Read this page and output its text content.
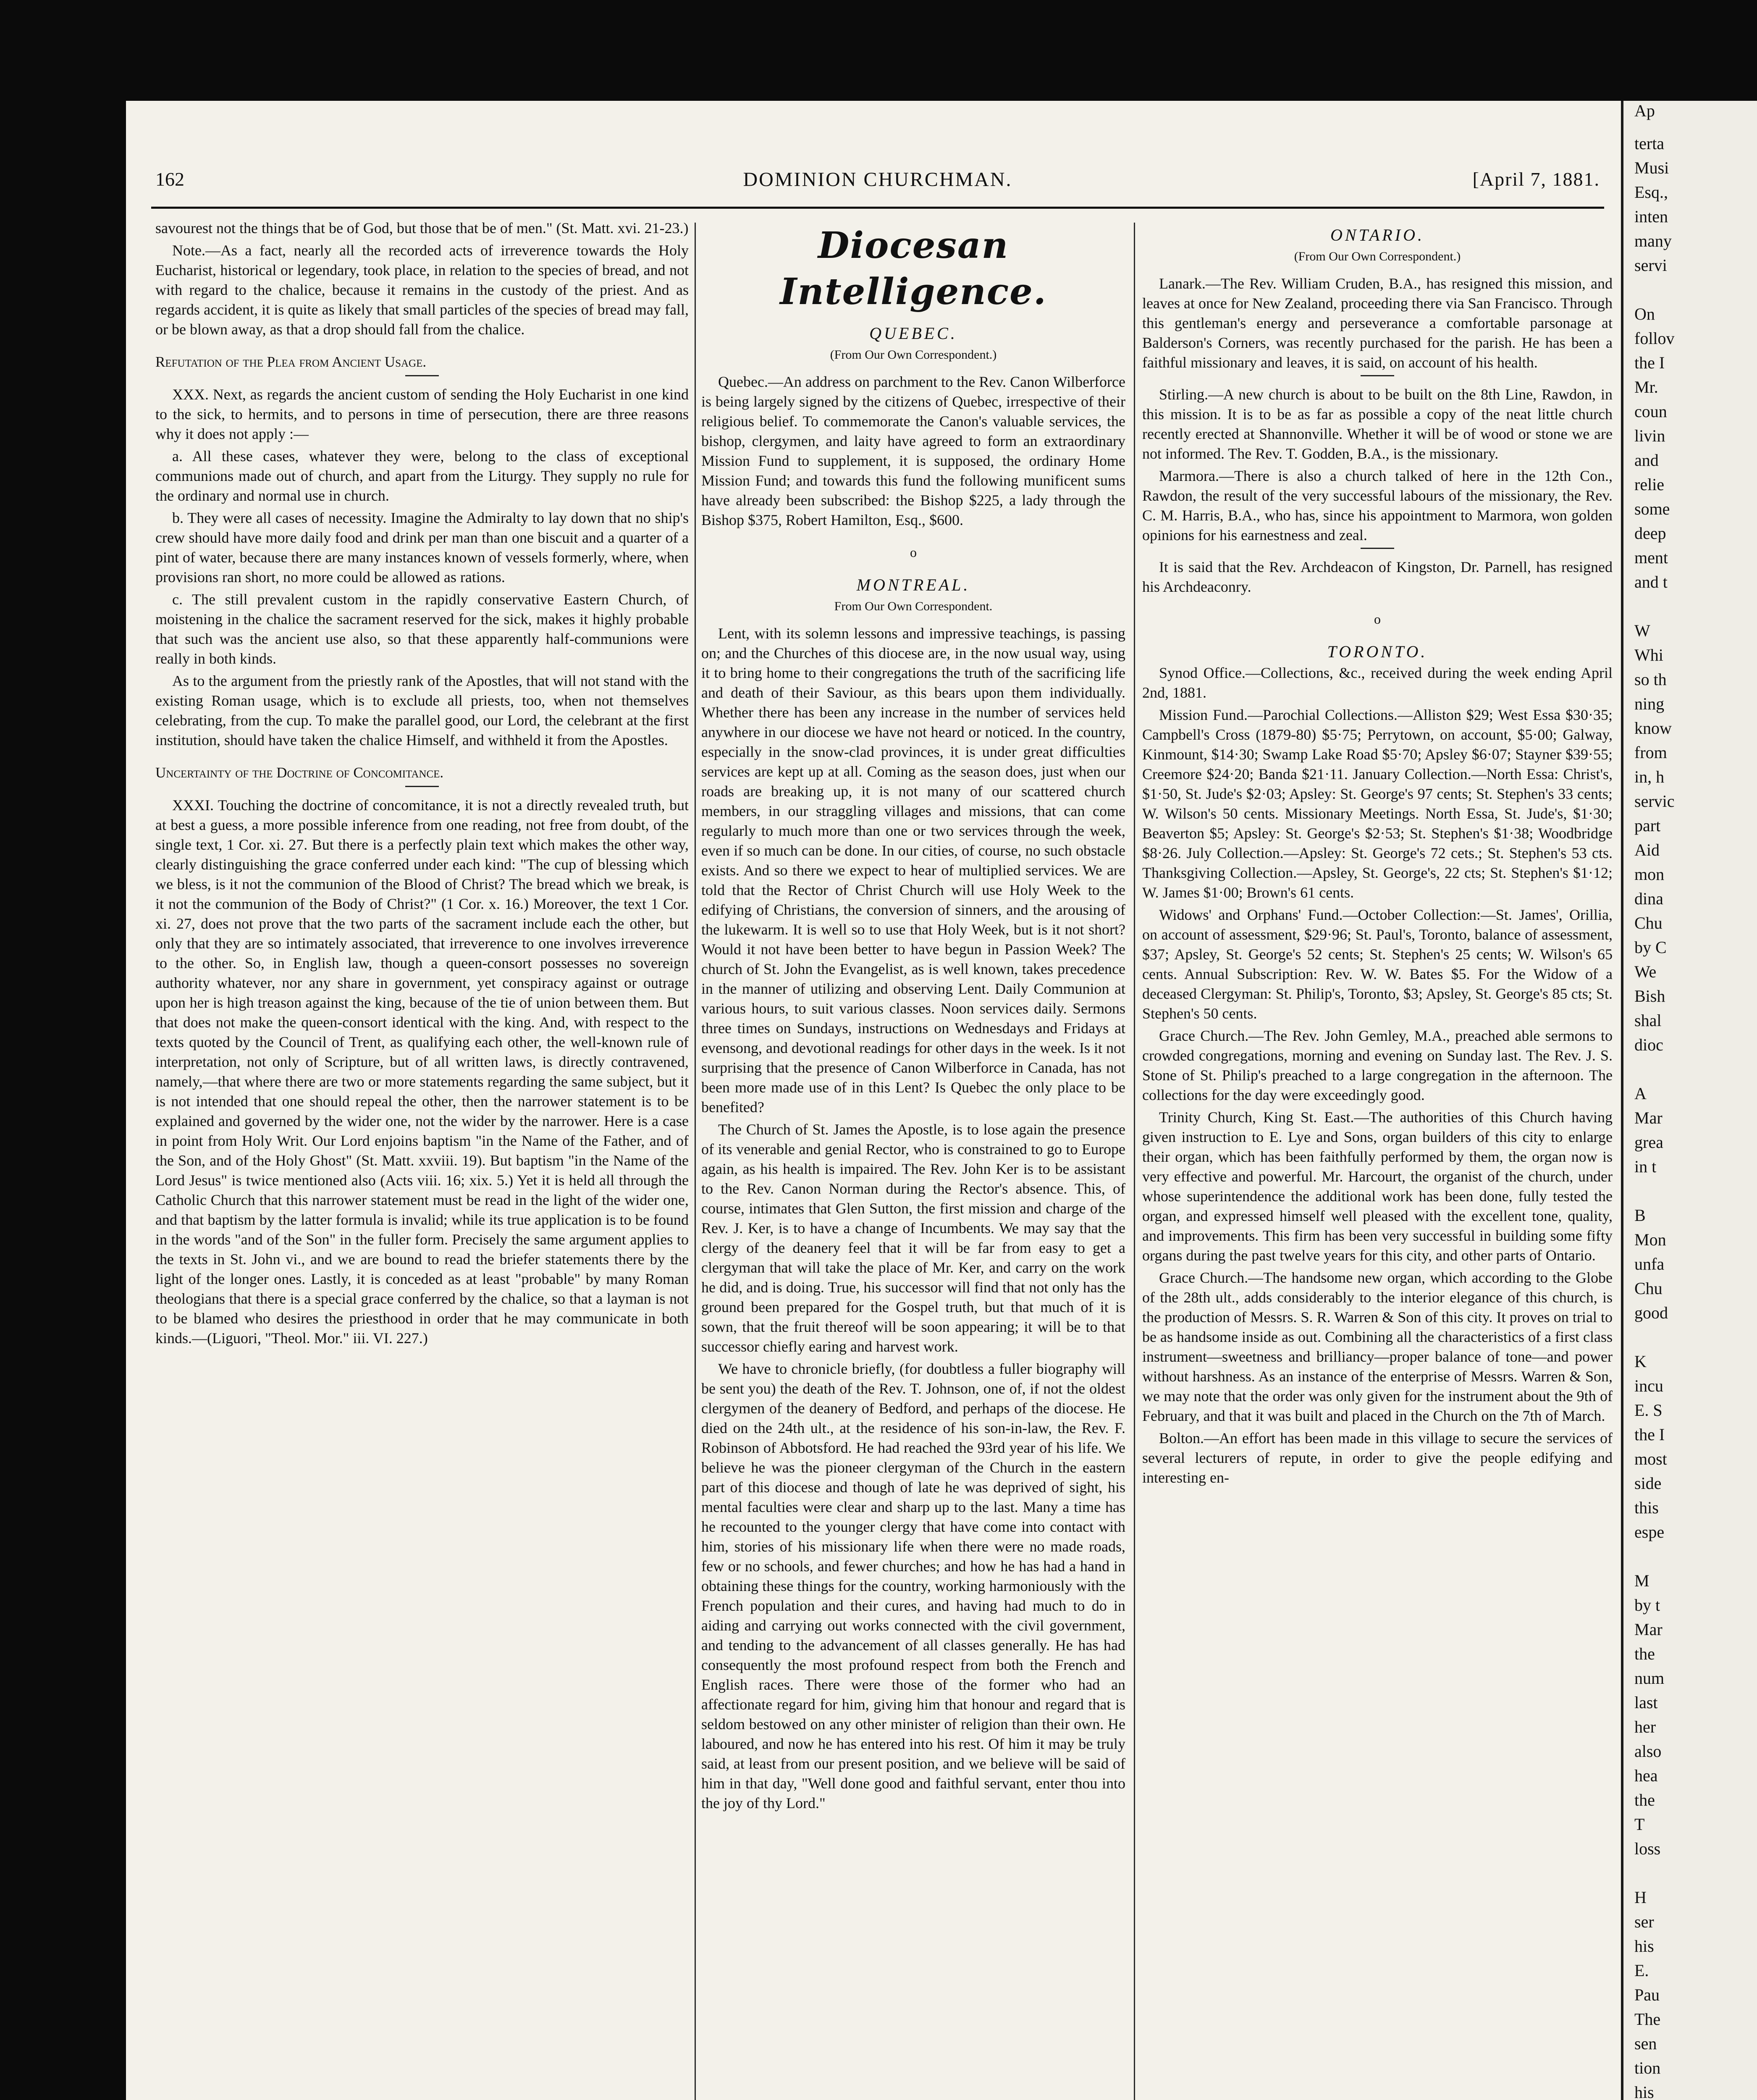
Ap
terta
Musi
Esq.,
inten
many
servi
On
follov
the I
Mr.
coun
livin
and
relie
some
deep
ment
and t
W
Whi
so th
ning
know
from
in, h
servic
part
Aid
mon
dina
Chu
by C
We
Bish
shal
dioc
A
Mar
grea
in t
B
Mon
unfa
Chu
good
K
incu
E. S
the I
most
side
this
espe
M
by t
Mar
the
num
last
her
also
hea
the
T
loss
H
ser
his
E.
Pau
The
sen
tion
his
162	DOMINION CHURCHMAN.	[April 7, 1881.

savourest not the things that be of God, but those that be of men." (St. Matt. xvi. 21-23.)

Note.—As a fact, nearly all the recorded acts of irreverence towards the Holy Eucharist, historical or legendary, took place, in relation to the species of bread, and not with regard to the chalice, because it remains in the custody of the priest. And as regards accident, it is quite as likely that small particles of the species of bread may fall, or be blown away, as that a drop should fall from the chalice.

Refutation of the Plea from Ancient Usage.

XXX. Next, as regards the ancient custom of sending the Holy Eucharist in one kind to the sick, to hermits, and to persons in time of persecution, there are three reasons why it does not apply :—

a. All these cases, whatever they were, belong to the class of exceptional communions made out of church, and apart from the Liturgy. They supply no rule for the ordinary and normal use in church.

b. They were all cases of necessity. Imagine the Admiralty to lay down that no ship's crew should have more daily food and drink per man than one biscuit and a quarter of a pint of water, because there are many instances known of vessels formerly, where, when provisions ran short, no more could be allowed as rations.

c. The still prevalent custom in the rapidly conservative Eastern Church, of moistening in the chalice the sacrament reserved for the sick, makes it highly probable that such was the ancient use also, so that these apparently half-communions were really in both kinds.

As to the argument from the priestly rank of the Apostles, that will not stand with the existing Roman usage, which is to exclude all priests, too, when not themselves celebrating, from the cup. To make the parallel good, our Lord, the celebrant at the first institution, should have taken the chalice Himself, and withheld it from the Apostles.

Uncertainty of the Doctrine of Concomitance.

XXXI. Touching the doctrine of concomitance, it is not a directly revealed truth, but at best a guess, a more possible inference from one reading, not free from doubt, of the single text, 1 Cor. xi. 27. But there is a perfectly plain text which makes the other way, clearly distinguishing the grace conferred under each kind: "The cup of blessing which we bless, is it not the communion of the Blood of Christ? The bread which we break, is it not the communion of the Body of Christ?" (1 Cor. x. 16.) Moreover, the text 1 Cor. xi. 27, does not prove that the two parts of the sacrament include each the other, but only that they are so intimately associated, that irreverence to one involves irreverence to the other. So, in English law, though a queen-consort possesses no sovereign authority whatever, nor any share in government, yet conspiracy against or outrage upon her is high treason against the king, because of the tie of union between them. But that does not make the queen-consort identical with the king. And, with respect to the texts quoted by the Council of Trent, as qualifying each other, the well-known rule of interpretation, not only of Scripture, but of all written laws, is directly contravened, namely,—that where there are two or more statements regarding the same subject, but it is not intended that one should repeal the other, then the narrower statement is to be explained and governed by the wider one, not the wider by the narrower. Here is a case in point from Holy Writ. Our Lord enjoins baptism "in the Name of the Father, and of the Son, and of the Holy Ghost" (St. Matt. xxviii. 19). But baptism "in the Name of the Lord Jesus" is twice mentioned also (Acts viii. 16; xix. 5.) Yet it is held all through the Catholic Church that this narrower statement must be read in the light of the wider one, and that baptism by the latter formula is invalid; while its true application is to be found in the words "and of the Son" in the fuller form. Precisely the same argument applies to the texts in St. John vi., and we are bound to read the briefer statements there by the light of the longer ones. Lastly, it is conceded as at least "probable" by many Roman theologians that there is a special grace conferred by the chalice, so that a layman is not to be blamed who desires the priesthood in order that he may communicate in both kinds.—(Liguori, "Theol. Mor." iii. VI. 227.)

Diocesan Intelligence.
QUEBEC.
(From Our Own Correspondent.)

Quebec.—An address on parchment to the Rev. Canon Wilberforce is being largely signed by the citizens of Quebec, irrespective of their religious belief. To commemorate the Canon's valuable services, the bishop, clergymen, and laity have agreed to form an extraordinary Mission Fund to supplement, it is supposed, the ordinary Home Mission Fund; and towards this fund the following munificent sums have already been subscribed: the Bishop $225, a lady through the Bishop $375, Robert Hamilton, Esq., $600.

o
MONTREAL.
From Our Own Correspondent.

Lent, with its solemn lessons and impressive teachings, is passing on; and the Churches of this diocese are, in the now usual way, using it to bring home to their congregations the truth of the sacrificing life and death of their Saviour, as this bears upon them individually. Whether there has been any increase in the number of services held anywhere in our diocese we have not heard or noticed. In the country, especially in the snow-clad provinces, it is under great difficulties services are kept up at all. Coming as the season does, just when our roads are breaking up, it is not many of our scattered church members, in our straggling villages and missions, that can come regularly to much more than one or two services through the week, even if so much can be done. In our cities, of course, no such obstacle exists. And so there we expect to hear of multiplied services. We are told that the Rector of Christ Church will use Holy Week to the edifying of Christians, the conversion of sinners, and the arousing of the lukewarm. It is well so to use that Holy Week, but is it not short? Would it not have been better to have begun in Passion Week? The church of St. John the Evangelist, as is well known, takes precedence in the manner of utilizing and observing Lent. Daily Communion at various hours, to suit various classes. Noon services daily. Sermons three times on Sundays, instructions on Wednesdays and Fridays at evensong, and devotional readings for other days in the week. Is it not surprising that the presence of Canon Wilberforce in Canada, has not been more made use of in this Lent? Is Quebec the only place to be benefited?

The Church of St. James the Apostle, is to lose again the presence of its venerable and genial Rector, who is constrained to go to Europe again, as his health is impaired. The Rev. John Ker is to be assistant to the Rev. Canon Norman during the Rector's absence. This, of course, intimates that Glen Sutton, the first mission and charge of the Rev. J. Ker, is to have a change of Incumbents. We may say that the clergy of the deanery feel that it will be far from easy to get a clergyman that will take the place of Mr. Ker, and carry on the work he did, and is doing. True, his successor will find that not only has the ground been prepared for the Gospel truth, but that much of it is sown, that the fruit thereof will be soon appearing; it will be to that successor chiefly earing and harvest work.

We have to chronicle briefly, (for doubtless a fuller biography will be sent you) the death of the Rev. T. Johnson, one of, if not the oldest clergymen of the deanery of Bedford, and perhaps of the diocese. He died on the 24th ult., at the residence of his son-in-law, the Rev. F. Robinson of Abbotsford. He had reached the 93rd year of his life. We believe he was the pioneer clergyman of the Church in the eastern part of this diocese and though of late he was deprived of sight, his mental faculties were clear and sharp up to the last. Many a time has he recounted to the younger clergy that have come into contact with him, stories of his missionary life when there were no made roads, few or no schools, and fewer churches; and how he has had a hand in obtaining these things for the country, working harmoniously with the French population and their cures, and having had much to do in aiding and carrying out works connected with the civil government, and tending to the advancement of all classes generally. He has had consequently the most profound respect from both the French and English races. There were those of the former who had an affectionate regard for him, giving him that honour and regard that is seldom bestowed on any other minister of religion than their own. He laboured, and now he has entered into his rest. Of him it may be truly said, at least from our present position, and we believe will be said of him in that day, "Well done good and faithful servant, enter thou into the joy of thy Lord."

ONTARIO.
(From Our Own Correspondent.)

Lanark.—The Rev. William Cruden, B.A., has resigned this mission, and leaves at once for New Zealand, proceeding there via San Francisco. Through this gentleman's energy and perseverance a comfortable parsonage at Balderson's Corners, was recently purchased for the parish. He has been a faithful missionary and leaves, it is said, on account of his health.

Stirling.—A new church is about to be built on the 8th Line, Rawdon, in this mission. It is to be as far as possible a copy of the neat little church recently erected at Shannonville. Whether it will be of wood or stone we are not informed. The Rev. T. Godden, B.A., is the missionary.

Marmora.—There is also a church talked of here in the 12th Con., Rawdon, the result of the very successful labours of the missionary, the Rev. C. M. Harris, B.A., who has, since his appointment to Marmora, won golden opinions for his earnestness and zeal.

It is said that the Rev. Archdeacon of Kingston, Dr. Parnell, has resigned his Archdeaconry.

o
TORONTO.

Synod Office.—Collections, &c., received during the week ending April 2nd, 1881.

Mission Fund.—Parochial Collections.—Alliston $29; West Essa $30·35; Campbell's Cross (1879-80) $5·75; Perrytown, on account, $5·00; Galway, Kinmount, $14·30; Swamp Lake Road $5·70; Apsley $6·07; Stayner $39·55; Creemore $24·20; Banda $21·11. January Collection.—North Essa: Christ's, $1·50, St. Jude's $2·03; Apsley: St. George's 97 cents; St. Stephen's 33 cents; W. Wilson's 50 cents. Missionary Meetings. North Essa, St. Jude's, $1·30; Beaverton $5; Apsley: St. George's $2·53; St. Stephen's $1·38; Woodbridge $8·26. July Collection.—Apsley: St. George's 72 cets.; St. Stephen's 53 cts. Thanksgiving Collection.—Apsley, St. George's, 22 cts; St. Stephen's $1·12; W. James $1·00; Brown's 61 cents.

Widows' and Orphans' Fund.—October Collection:—St. James', Orillia, on account of assessment, $29·96; St. Paul's, Toronto, balance of assessment, $37; Apsley, St. George's 52 cents; St. Stephen's 25 cents; W. Wilson's 65 cents. Annual Subscription: Rev. W. W. Bates $5. For the Widow of a deceased Clergyman: St. Philip's, Toronto, $3; Apsley, St. George's 85 cts; St. Stephen's 50 cents.

Grace Church.—The Rev. John Gemley, M.A., preached able sermons to crowded congregations, morning and evening on Sunday last. The Rev. J. S. Stone of St. Philip's preached to a large congregation in the afternoon. The collections for the day were exceedingly good.

Trinity Church, King St. East.—The authorities of this Church having given instruction to E. Lye and Sons, organ builders of this city to enlarge their organ, which has been faithfully performed by them, the organ now is very effective and powerful. Mr. Harcourt, the organist of the church, under whose superintendence the additional work has been done, fully tested the organ, and expressed himself well pleased with the excellent tone, quality, and improvements. This firm has been very successful in building some fifty organs during the past twelve years for this city, and other parts of Ontario.

Grace Church.—The handsome new organ, which according to the Globe of the 28th ult., adds considerably to the interior elegance of this church, is the production of Messrs. S. R. Warren & Son of this city. It proves on trial to be as handsome inside as out. Combining all the characteristics of a first class instrument—sweetness and brilliancy—proper balance of tone—and power without harshness. As an instance of the enterprise of Messrs. Warren & Son, we may note that the order was only given for the instrument about the 9th of February, and that it was built and placed in the Church on the 7th of March.

Bolton.—An effort has been made in this village to secure the services of several lecturers of repute, in order to give the people edifying and interesting en-
